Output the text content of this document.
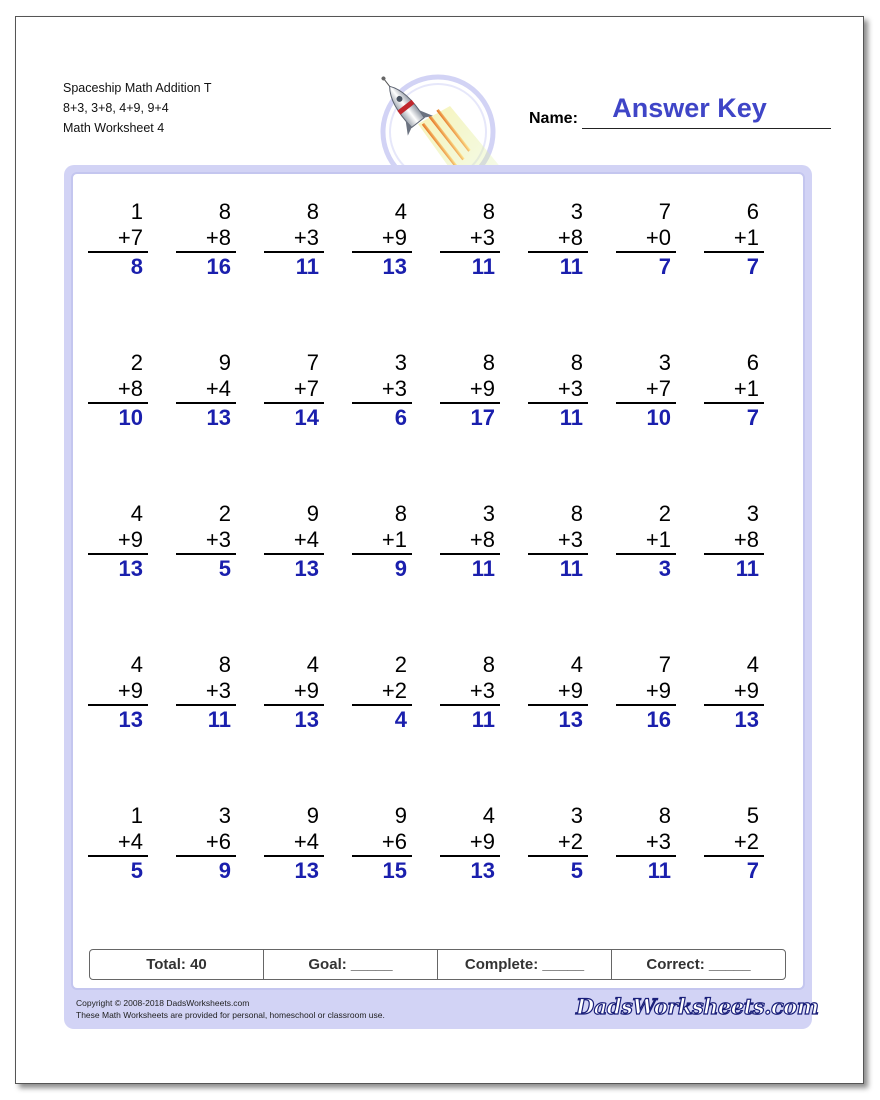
Spaceship Math Addition T
8+3, 3+8, 4+9, 9+4
Math Worksheet 4
Answer Key
Name:
1
+7
8
8
+8
16
8
+3
11
4
+9
13
8
+3
11
3
+8
11
7
+0
7
6
+1
7
2
+8
10
9
+4
13
7
+7
14
3
+3
6
8
+9
17
8
+3
11
3
+7
10
6
+1
7
4
+9
13
2
+3
5
9
+4
13
8
+1
9
3
+8
11
8
+3
11
2
+1
3
3
+8
11
4
+9
13
8
+3
11
4
+9
13
2
+2
4
8
+3
11
4
+9
13
7
+9
16
4
+9
13
1
+4
5
3
+6
9
9
+4
13
9
+6
15
4
+9
13
3
+2
5
8
+3
11
5
+2
7
Total: 40	Goal: _____	Complete: _____	Correct: _____
Copyright © 2008-2018 DadsWorksheets.com
These Math Worksheets are provided for personal, homeschool or classroom use.	DadsWorksheets.com
